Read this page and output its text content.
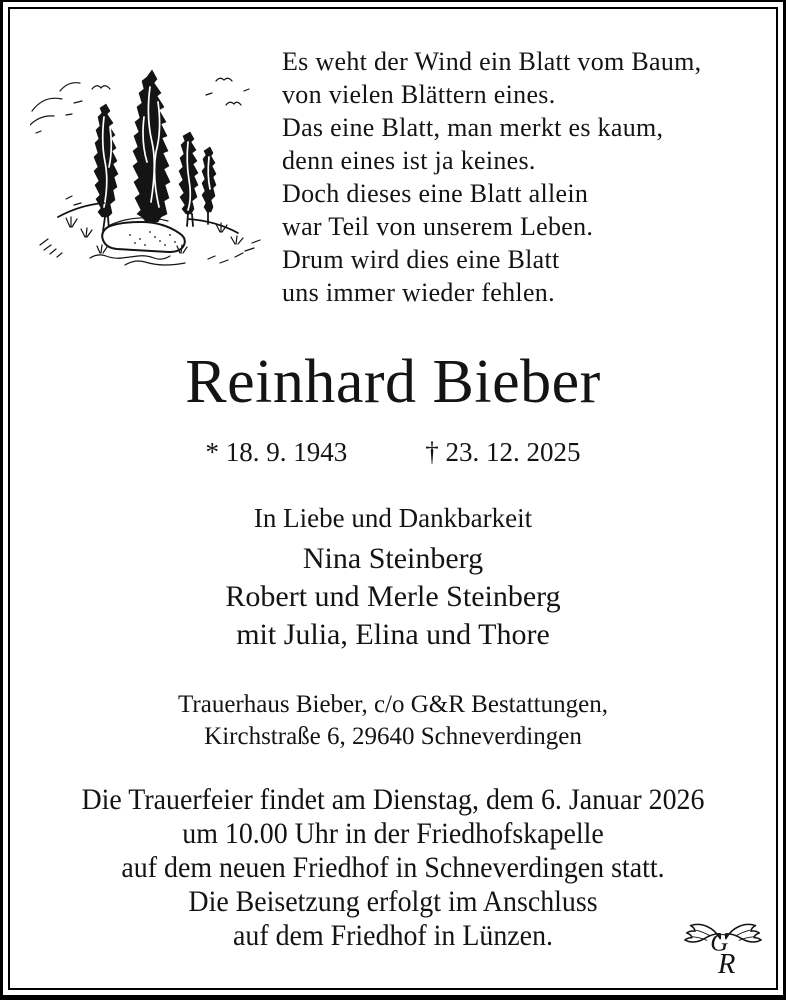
Es weht der Wind ein Blatt vom Baum,
von vielen Blättern eines.
Das eine Blatt, man merkt es kaum,
denn eines ist ja keines.
Doch dieses eine Blatt allein
war Teil von unserem Leben.
Drum wird dies eine Blatt
uns immer wieder fehlen.
Reinhard Bieber
* 18. 9. 1943	† 23. 12. 2025
In Liebe und Dankbarkeit
Nina Steinberg
Robert und Merle Steinberg
mit Julia, Elina und Thore
Trauerhaus Bieber, c/o G&R Bestattungen,
Kirchstraße 6, 29640 Schneverdingen
Die Trauerfeier findet am Dienstag, dem 6. Januar 2026
um 10.00 Uhr in der Friedhofskapelle
auf dem neuen Friedhof in Schneverdingen statt.
Die Beisetzung erfolgt im Anschluss
auf dem Friedhof in Lünzen.	G
R
